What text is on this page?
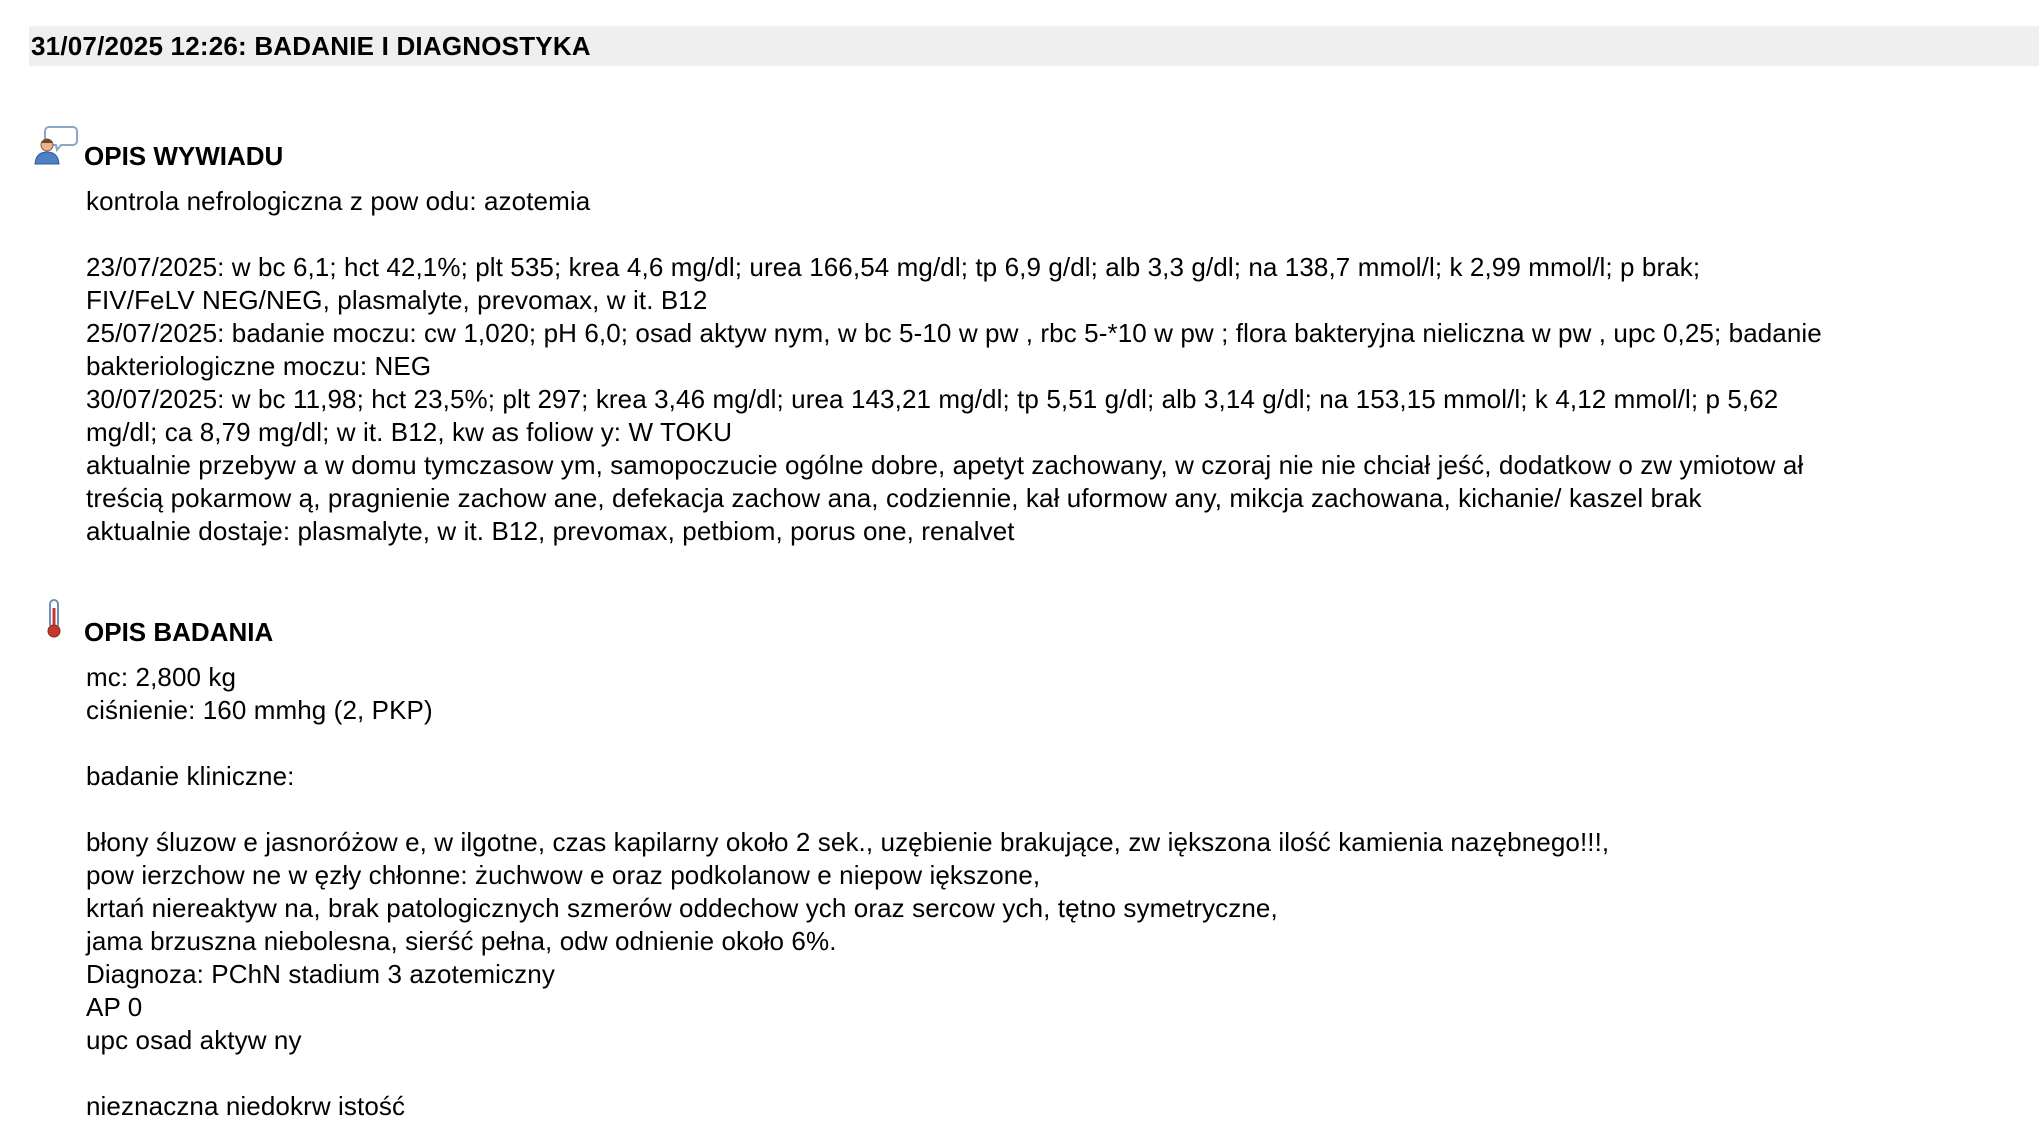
31/07/2025 12:26: BADANIE I DIAGNOSTYKA
OPIS WYWIADU
kontrola nefrologiczna z pow odu: azotemia
23/07/2025: w bc 6,1; hct 42,1%; plt 535; krea 4,6 mg/dl; urea 166,54 mg/dl; tp 6,9 g/dl; alb 3,3 g/dl; na 138,7 mmol/l; k 2,99 mmol/l; p brak;
FIV/FeLV NEG/NEG, plasmalyte, prevomax, w it. B12
25/07/2025: badanie moczu: cw 1,020; pH 6,0; osad aktyw nym, w bc 5-10 w pw , rbc 5-*10 w pw ; flora bakteryjna nieliczna w pw , upc 0,25; badanie
bakteriologiczne moczu: NEG
30/07/2025: w bc 11,98; hct 23,5%; plt 297; krea 3,46 mg/dl; urea 143,21 mg/dl; tp 5,51 g/dl; alb 3,14 g/dl; na 153,15 mmol/l; k 4,12 mmol/l; p 5,62
mg/dl; ca 8,79 mg/dl; w it. B12, kw as foliow y: W TOKU
aktualnie przebyw a w domu tymczasow ym, samopoczucie ogólne dobre, apetyt zachowany, w czoraj nie nie chciał jeść, dodatkow o zw ymiotow ał
treścią pokarmow ą, pragnienie zachow ane, defekacja zachow ana, codziennie, kał uformow any, mikcja zachowana, kichanie/ kaszel brak
aktualnie dostaje: plasmalyte, w it. B12, prevomax, petbiom, porus one, renalvet
OPIS BADANIA
mc: 2,800 kg
ciśnienie: 160 mmhg (2, PKP)
badanie kliniczne:
błony śluzow e jasnoróżow e, w ilgotne, czas kapilarny około 2 sek., uzębienie brakujące, zw iększona ilość kamienia nazębnego!!!,
pow ierzchow ne w ęzły chłonne: żuchwow e oraz podkolanow e niepow iększone,
krtań niereaktyw na, brak patologicznych szmerów oddechow ych oraz sercow ych, tętno symetryczne,
jama brzuszna niebolesna, sierść pełna, odw odnienie około 6%.
Diagnoza: PChN stadium 3 azotemiczny
AP 0
upc osad aktyw ny
nieznaczna niedokrw istość
